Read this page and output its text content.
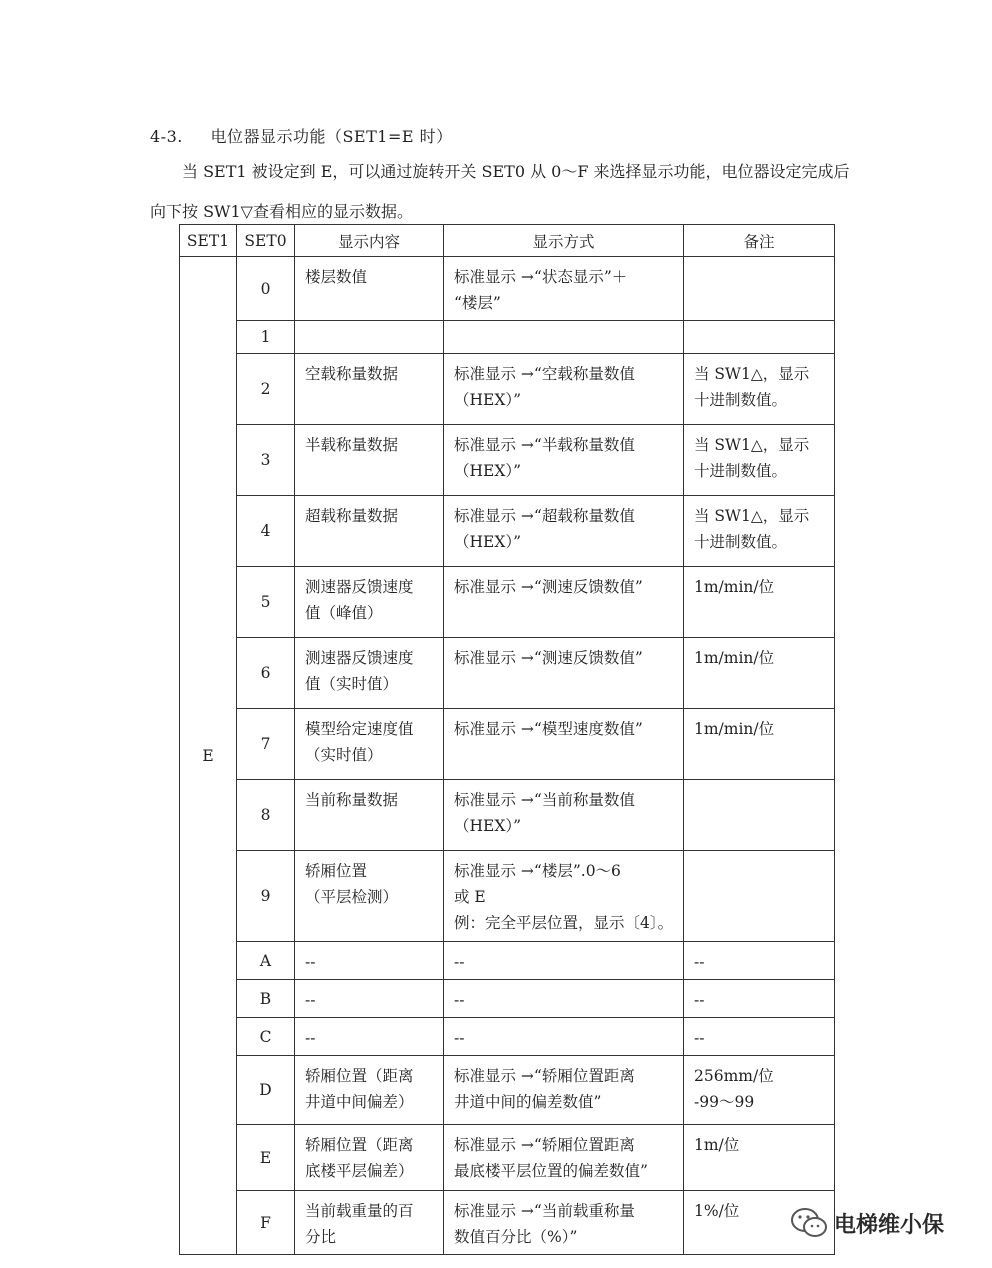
4-3. 电位器显示功能（SET1=E 时）
当 SET1 被设定到 E，可以通过旋转开关 SET0 从 0～F 来选择显示功能，电位器设定完成后向下按 SW1▽查看相应的显示数据。
SET1	SET0	显示内容	显示方式	备注
E	0	楼层数值	标准显示 →“状态显示”＋
“楼层”	
	1			
	2	空载称量数据	标准显示 →“空载称量数值
（HEX）”	当 SW1△，显示
十进制数值。
	3	半载称量数据	标准显示 →“半载称量数值
（HEX）”	当 SW1△，显示
十进制数值。
	4	超载称量数据	标准显示 →“超载称量数值
（HEX）”	当 SW1△，显示
十进制数值。
	5	测速器反馈速度
值（峰值）	标准显示 →“测速反馈数值”	1m/min/位
	6	测速器反馈速度
值（实时值）	标准显示 →“测速反馈数值”	1m/min/位
	7	模型给定速度值
（实时值）	标准显示 →“模型速度数值”	1m/min/位
	8	当前称量数据	标准显示 →“当前称量数值
（HEX）”	
	9	轿厢位置
（平层检测）	标准显示 →“楼层”.0～6
或 E
例：完全平层位置，显示〔4〕。	
	A	--	--	--
	B	--	--	--
	C	--	--	--
	D	轿厢位置（距离
井道中间偏差）	标准显示 →“轿厢位置距离
井道中间的偏差数值”	256mm/位
-99～99
	E	轿厢位置（距离
底楼平层偏差）	标准显示 →“轿厢位置距离
最底楼平层位置的偏差数值”	1m/位
	F	当前载重量的百
分比	标准显示 →“当前载重称量
数值百分比（%）”	1%/位
电梯维小保
